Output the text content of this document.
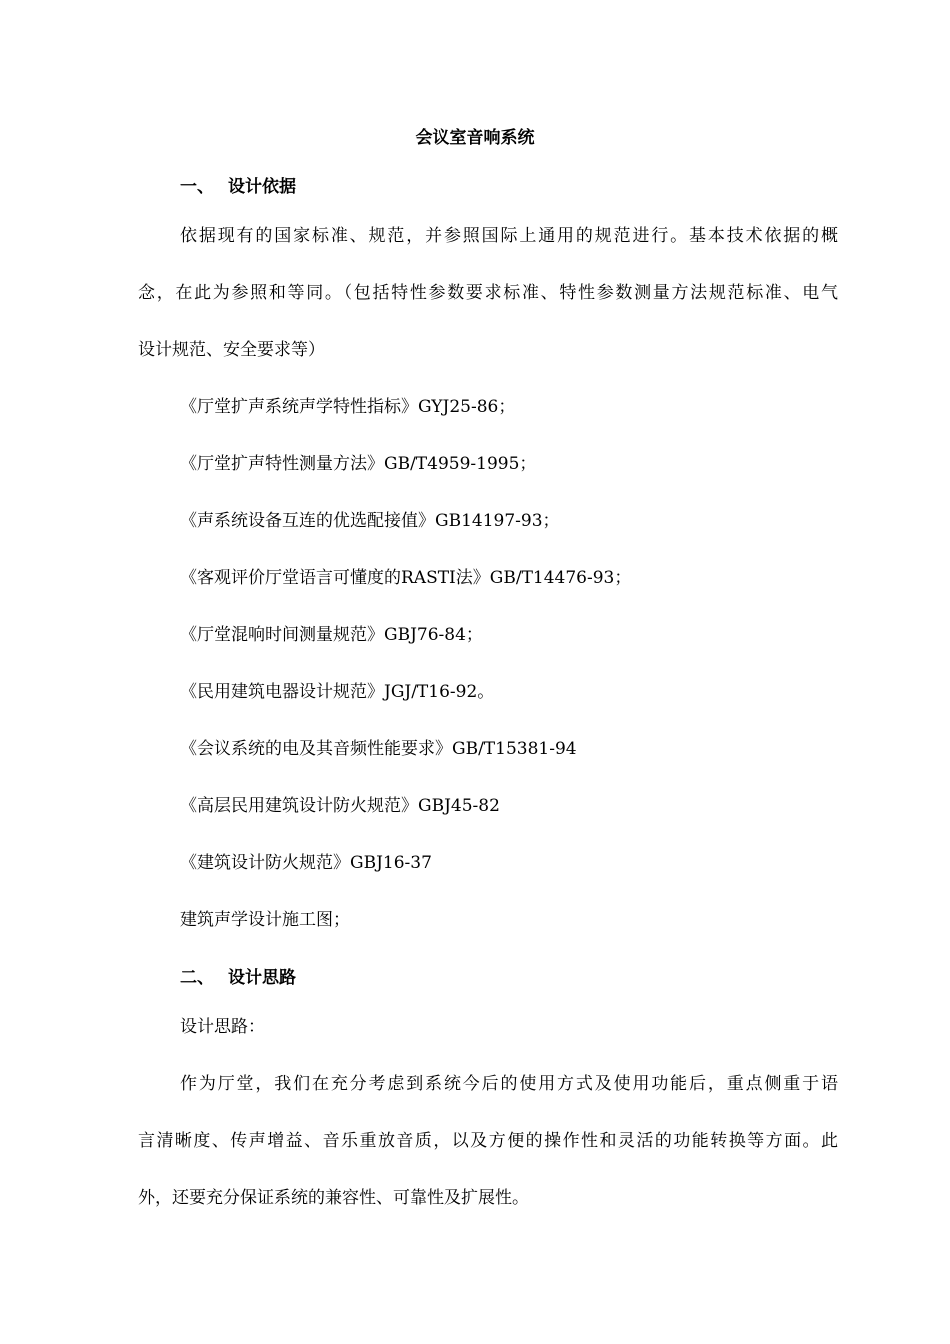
会议室音响系统
一、 设计依据
依据现有的国家标准、规范，并参照国际上通用的规范进行。基本技术依据的概
念，在此为参照和等同。（包括特性参数要求标准、特性参数测量方法规范标准、电气
设计规范、安全要求等）
《厅堂扩声系统声学特性指标》GYJ25-86；
《厅堂扩声特性测量方法》GB/T4959-1995；
《声系统设备互连的优选配接值》GB14197-93；
《客观评价厅堂语言可懂度的RASTI法》GB/T14476-93；
《厅堂混响时间测量规范》GBJ76-84；
《民用建筑电器设计规范》JGJ/T16-92。
《会议系统的电及其音频性能要求》GB/T15381-94
《高层民用建筑设计防火规范》GBJ45-82
《建筑设计防火规范》GBJ16-37
建筑声学设计施工图；
二、 设计思路
设计思路：
作为厅堂，我们在充分考虑到系统今后的使用方式及使用功能后，重点侧重于语
言清晰度、传声增益、音乐重放音质，以及方便的操作性和灵活的功能转换等方面。此
外，还要充分保证系统的兼容性、可靠性及扩展性。
